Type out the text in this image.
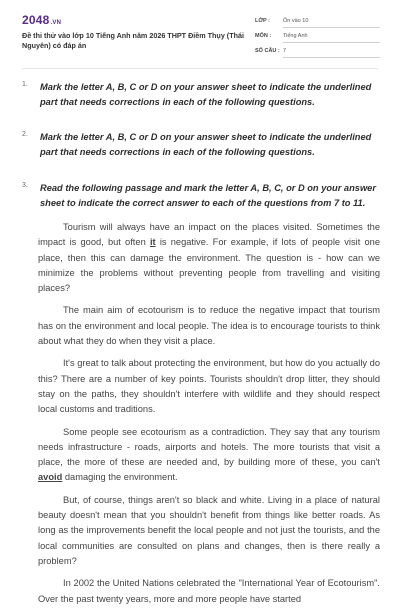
2048.VN
Đề thi thử vào lớp 10 Tiếng Anh năm 2026 THPT Điềm Thụy (Thái Nguyên) có đáp án
LỚP : Ôn vào 10
MÔN : Tiếng Anh
SỐ CÂU : 7
1. Mark the letter A, B, C or D on your answer sheet to indicate the underlined part that needs corrections in each of the following questions.
2. Mark the letter A, B, C or D on your answer sheet to indicate the underlined part that needs corrections in each of the following questions.
3. Read the following passage and mark the letter A, B, C, or D on your answer sheet to indicate the correct answer to each of the questions from 7 to 11.

Tourism will always have an impact on the places visited. Sometimes the impact is good, but often it is negative. For example, if lots of people visit one place, then this can damage the environment. The question is - how can we minimize the problems without preventing people from travelling and visiting places?

The main aim of ecotourism is to reduce the negative impact that tourism has on the environment and local people. The idea is to encourage tourists to think about what they do when they visit a place.

It's great to talk about protecting the environment, but how do you actually do this? There are a number of key points. Tourists shouldn't drop litter, they should stay on the paths, they shouldn't interfere with wildlife and they should respect local customs and traditions.

Some people see ecotourism as a contradiction. They say that any tourism needs infrastructure - roads, airports and hotels. The more tourists that visit a place, the more of these are needed and, by building more of these, you can't avoid damaging the environment.

But, of course, things aren't so black and white. Living in a place of natural beauty doesn't mean that you shouldn't benefit from things like better roads. As long as the improvements benefit the local people and not just the tourists, and the local communities are consulted on plans and changes, then is there really a problem?

In 2002 the United Nations celebrated the "International Year of Ecotourism". Over the past twenty years, more and more people have started
